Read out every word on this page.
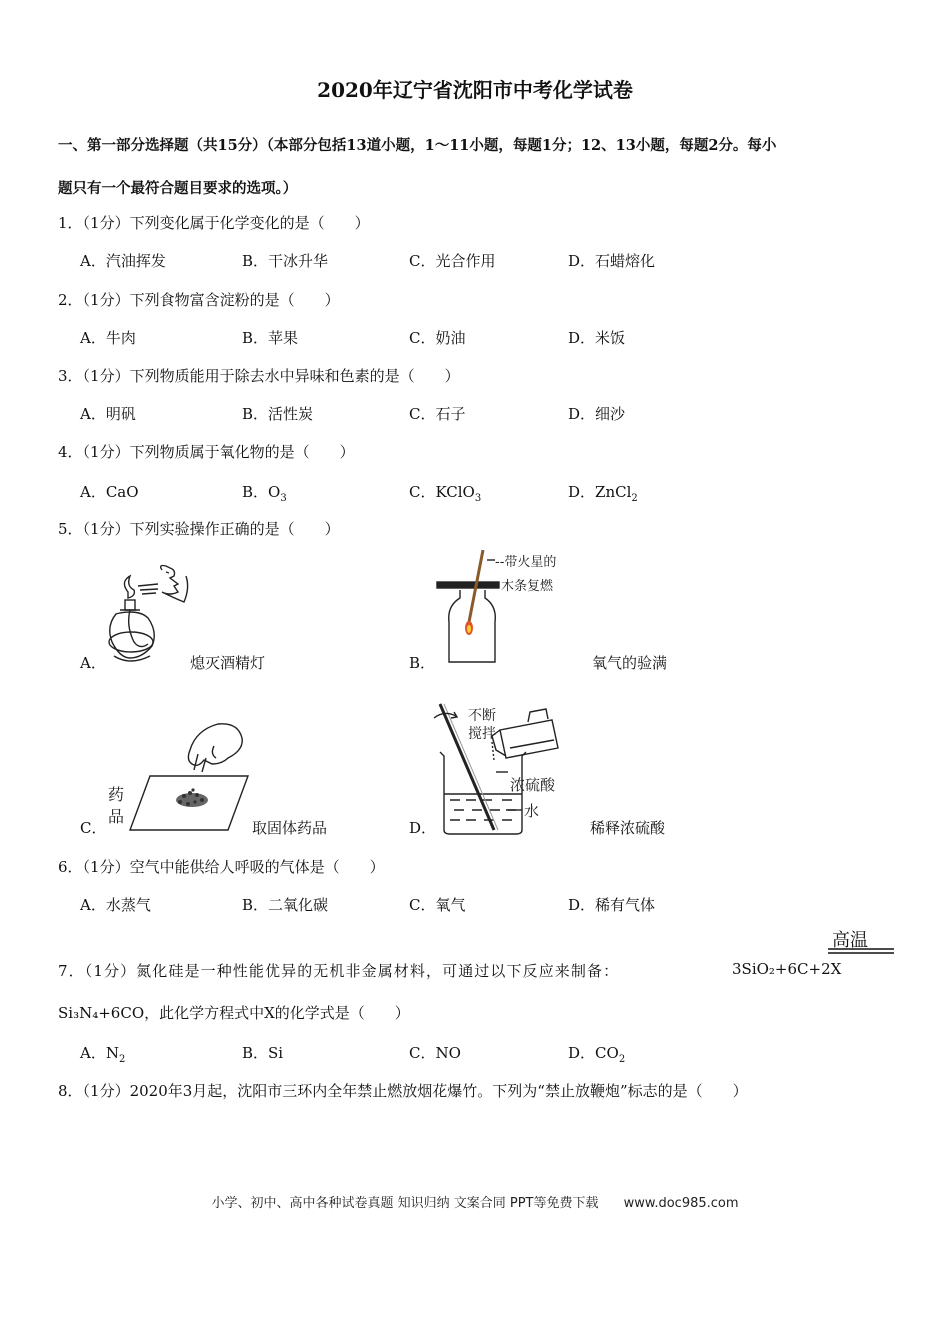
2020年辽宁省沈阳市中考化学试卷
一、第一部分选择题（共15分）（本部分包括13道小题，1～11小题，每题1分；12、13小题，每题2分。每小
题只有一个最符合题目要求的选项。）
1．（1分）下列变化属于化学变化的是（　　）
A．汽油挥发	B．干冰升华	C．光合作用	D．石蜡熔化
2．（1分）下列食物富含淀粉的是（　　）
A．牛肉	B．苹果	C．奶油	D．米饭
3．（1分）下列物质能用于除去水中异味和色素的是（　　）
A．明矾	B．活性炭	C．石子	D．细沙
4．（1分）下列物质属于氧化物的是（　　）
A．CaO	B．$O_3$	C．KClO$_3$	D．ZnCl$_2$
5．（1分）下列实验操作正确的是（　　）
A．	熄灭酒精灯	B．
--带火星的
木条复燃
氧气的验满
C．
药
品
取固体药品	D．
不断
搅拌
浓硫酸
水
稀释浓硫酸
6．（1分）空气中能供给人呼吸的气体是（　　）
A．水蒸气	B．二氧化碳	C．氧气	D．稀有气体
高温
7．（1分）氮化硅是一种性能优异的无机非金属材料，可通过以下反应来制备：	3SiO₂+6C+2X
Si₃N₄+6CO，此化学方程式中X的化学式是（　　）
A．$N_2$	B．Si	C．NO	D．$CO_2$
8．（1分）2020年3月起，沈阳市三环内全年禁止燃放烟花爆竹。下列为“禁止放鞭炮”标志的是（　　）
小学、初中、高中各种试卷真题 知识归纳 文案合同 PPT等免费下载 www.doc985.com
